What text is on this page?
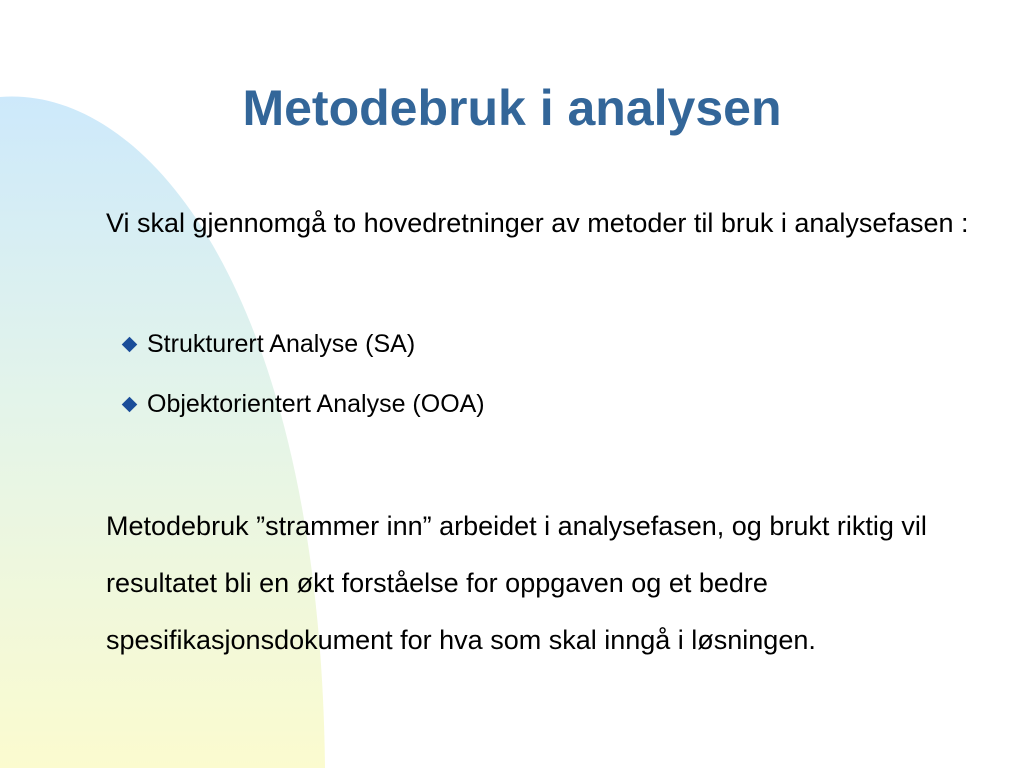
Metodebruk i analysen

Vi skal gjennomgå to hovedretninger av metoder til bruk i analysefasen :

Strukturert Analyse (SA)
Objektorientert Analyse (OOA)

Metodebruk ”strammer inn” arbeidet i analysefasen, og brukt riktig vil resultatet bli en økt forståelse for oppgaven og et bedre spesifikasjonsdokument for hva som skal inngå i løsningen.
